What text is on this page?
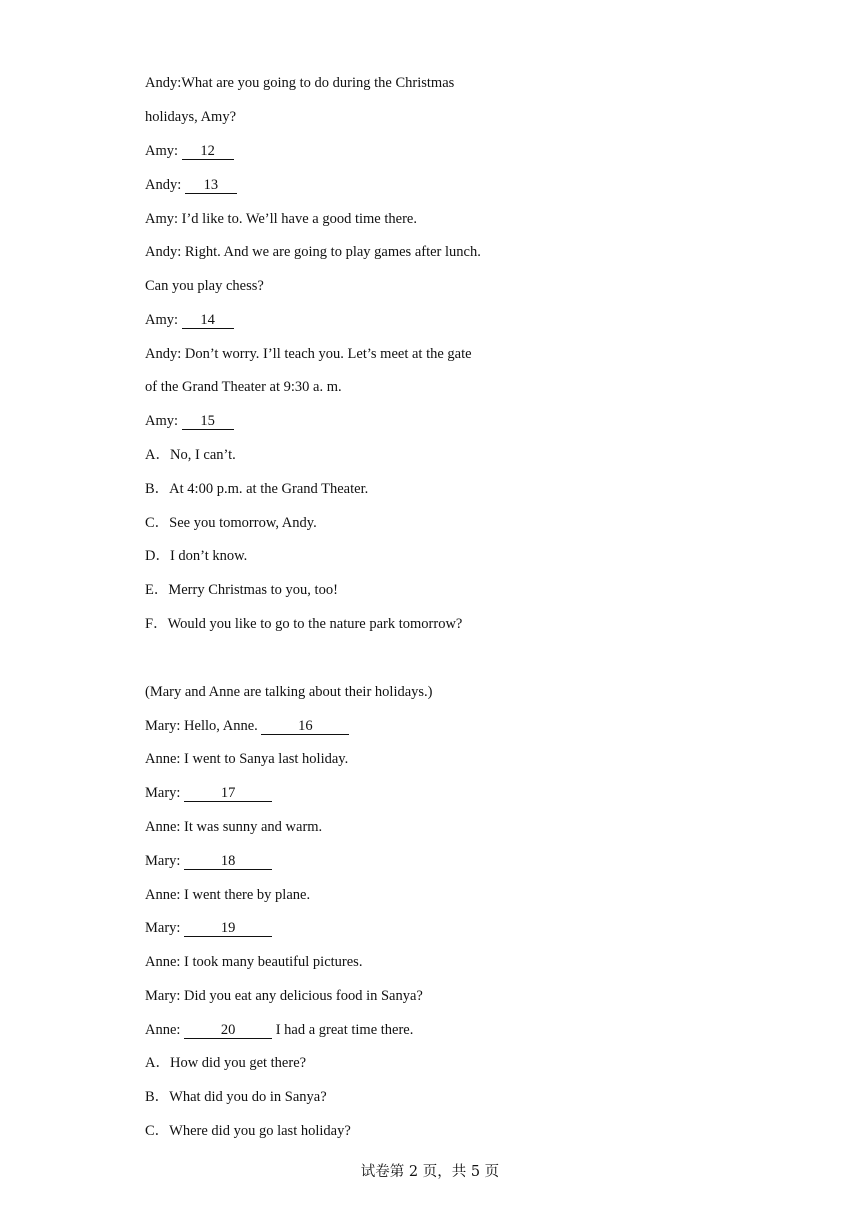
Andy:What are you going to do during the Christmas
holidays, Amy?
Amy: 12
Andy: 13
Amy: I’d like to. We’ll have a good time there.
Andy: Right. And we are going to play games after lunch.
Can you play chess?
Amy: 14
Andy: Don’t worry. I’ll teach you. Let’s meet at the gate
of the Grand Theater at 9:30 a. m.
Amy: 15
A．No, I can’t.
B．At 4:00 p.m. at the Grand Theater.
C．See you tomorrow, Andy.
D．I don’t know.
E．Merry Christmas to you, too!
F．Would you like to go to the nature park tomorrow?
(Mary and Anne are talking about their holidays.)
Mary: Hello, Anne.	16
Anne: I went to Sanya last holiday.
Mary:	17
Anne: It was sunny and warm.
Mary:	18
Anne: I went there by plane.
Mary:	19
Anne: I took many beautiful pictures.
Mary: Did you eat any delicious food in Sanya?
Anne:	20	I had a great time there.
A．How did you get there?
B．What did you do in Sanya?
C．Where did you go last holiday?
试卷第 2 页，共 5 页
